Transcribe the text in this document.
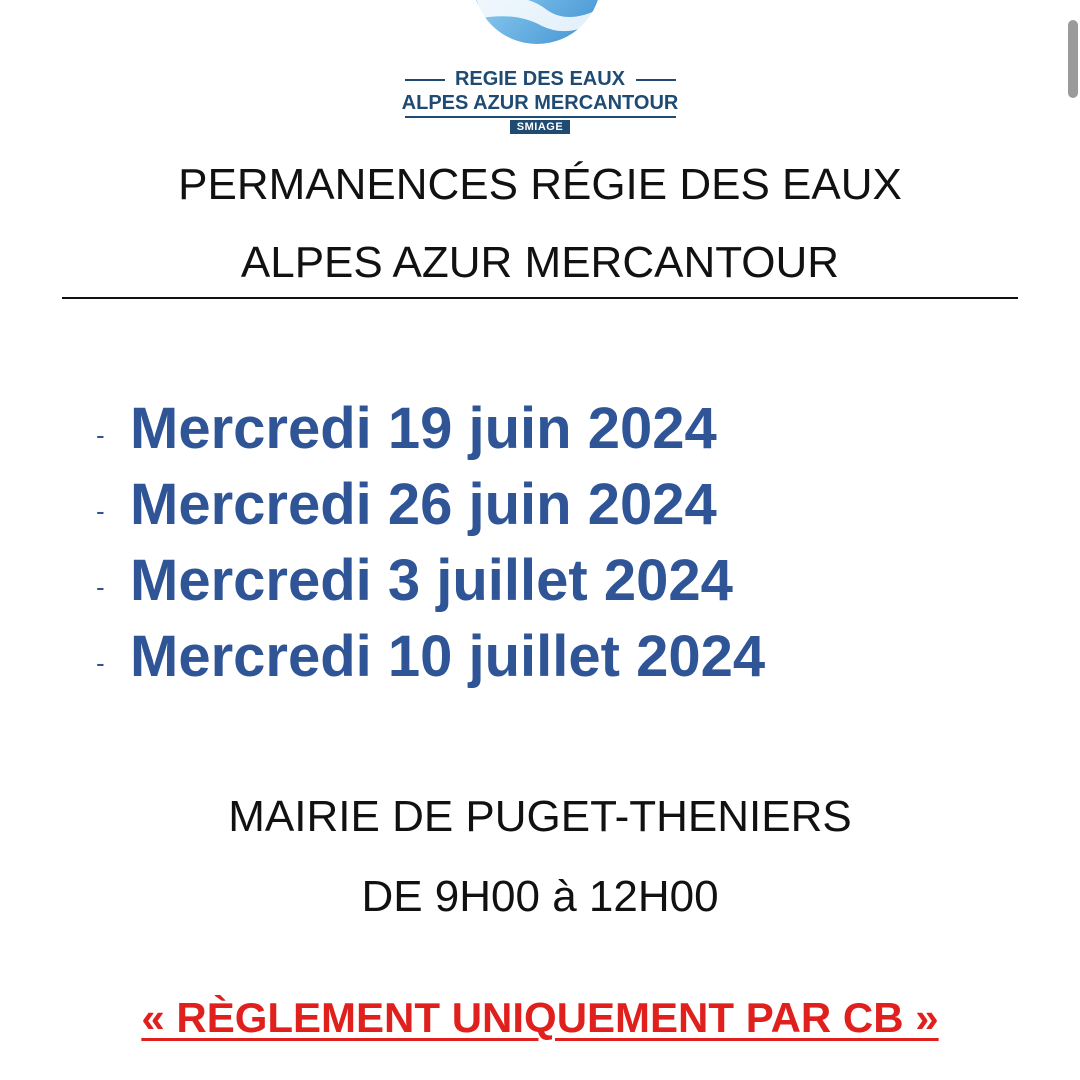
REGIE DES EAUX
ALPES AZUR MERCANTOUR
SMIAGE
PERMANENCES RÉGIE DES EAUX
ALPES AZUR MERCANTOUR
- Mercredi 19 juin 2024
- Mercredi 26 juin 2024
- Mercredi 3 juillet 2024
- Mercredi 10 juillet 2024
MAIRIE DE PUGET-THENIERS
DE 9H00 à 12H00
« RÈGLEMENT UNIQUEMENT PAR CB »
